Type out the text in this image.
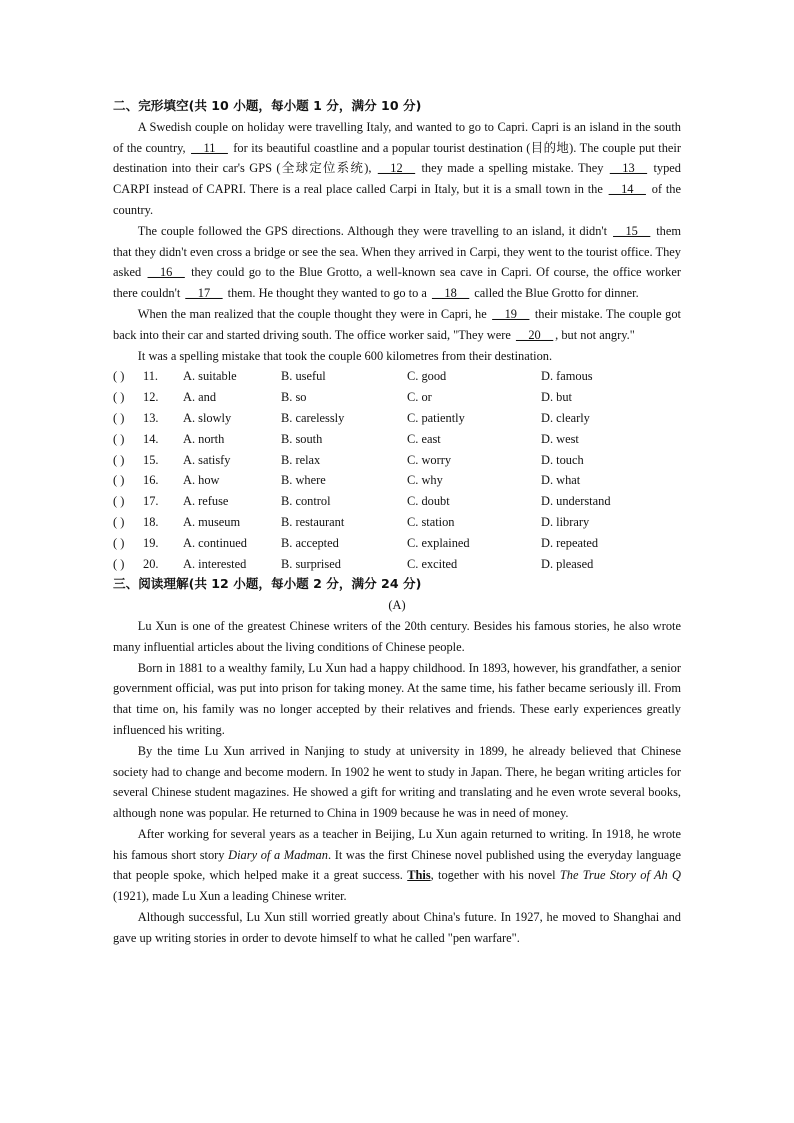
二、完形填空(共 10 小题，每小题 1 分，满分 10 分)

A Swedish couple on holiday were travelling Italy, and wanted to go to Capri. Capri is an island in the south of the country, __11__ for its beautiful coastline and a popular tourist destination (目的地). The couple put their destination into their car's GPS (全球定位系统), __12__ they made a spelling mistake. They __13__ typed CARPI instead of CAPRI. There is a real place called Carpi in Italy, but it is a small town in the __14__ of the country.

The couple followed the GPS directions. Although they were travelling to an island, it didn't __15__ them that they didn't even cross a bridge or see the sea. When they arrived in Carpi, they went to the tourist office. They asked __16__ they could go to the Blue Grotto, a well-known sea cave in Capri. Of course, the office worker there couldn't __17__ them. He thought they wanted to go to a __18__ called the Blue Grotto for dinner.

When the man realized that the couple thought they were in Capri, he __19__ their mistake. The couple got back into their car and started driving south. The office worker said, "They were __20__ , but not angry."

It was a spelling mistake that took the couple 600 kilometres from their destination.

( )	11.	A. suitable	B. useful	C. good	D. famous
( )	12.	A. and	B. so	C. or	D. but
( )	13.	A. slowly	B. carelessly	C. patiently	D. clearly
( )	14.	A. north	B. south	C. east	D. west
( )	15.	A. satisfy	B. relax	C. worry	D. touch
( )	16.	A. how	B. where	C. why	D. what
( )	17.	A. refuse	B. control	C. doubt	D. understand
( )	18.	A. museum	B. restaurant	C. station	D. library
( )	19.	A. continued	B. accepted	C. explained	D. repeated
( )	20.	A. interested	B. surprised	C. excited	D. pleased
三、阅读理解(共 12 小题，每小题 2 分，满分 24 分)
(A)

Lu Xun is one of the greatest Chinese writers of the 20th century. Besides his famous stories, he also wrote many influential articles about the living conditions of Chinese people.

Born in 1881 to a wealthy family, Lu Xun had a happy childhood. In 1893, however, his grandfather, a senior government official, was put into prison for taking money. At the same time, his father became seriously ill. From that time on, his family was no longer accepted by their relatives and friends. These early experiences greatly influenced his writing.

By the time Lu Xun arrived in Nanjing to study at university in 1899, he already believed that Chinese society had to change and become modern. In 1902 he went to study in Japan. There, he began writing articles for several Chinese student magazines. He showed a gift for writing and translating and he even wrote several books, although none was popular. He returned to China in 1909 because he was in need of money.

After working for several years as a teacher in Beijing, Lu Xun again returned to writing. In 1918, he wrote his famous short story Diary of a Madman. It was the first Chinese novel published using the everyday language that people spoke, which helped make it a great success. This, together with his novel The True Story of Ah Q (1921), made Lu Xun a leading Chinese writer.

Although successful, Lu Xun still worried greatly about China's future. In 1927, he moved to Shanghai and gave up writing stories in order to devote himself to what he called "pen warfare".
